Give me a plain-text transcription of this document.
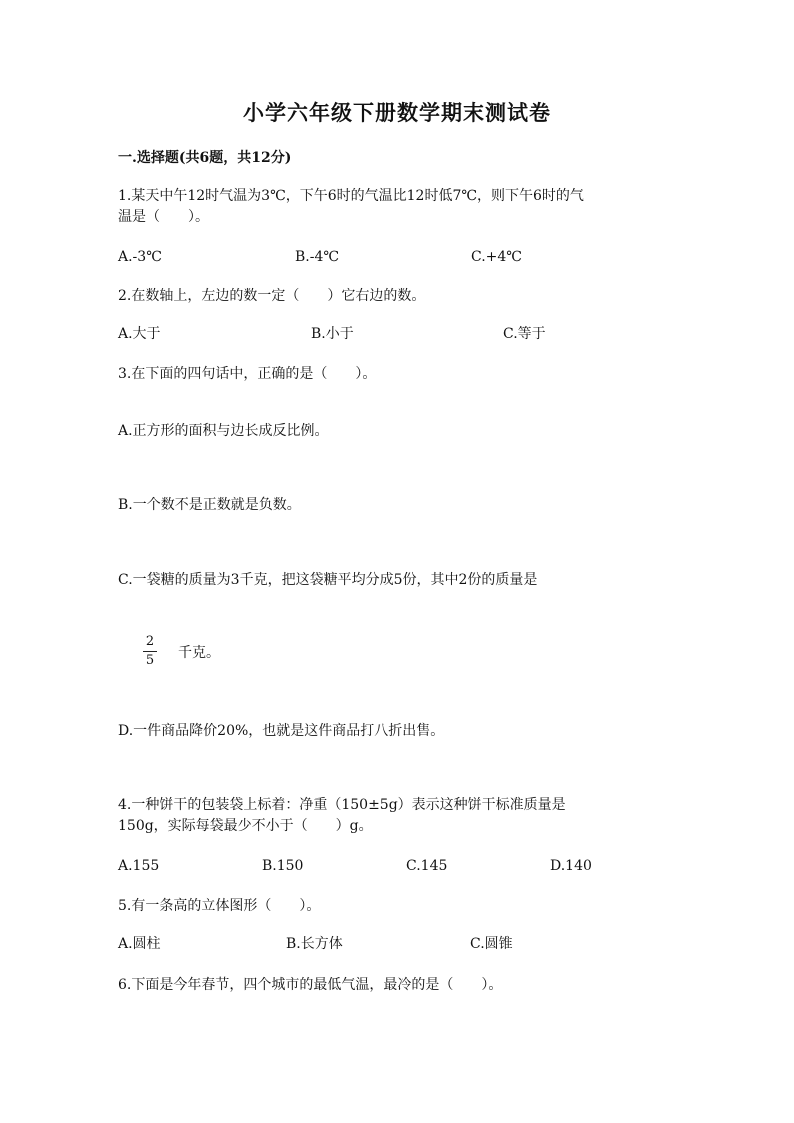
小学六年级下册数学期末测试卷
一.选择题(共6题，共12分)
1.某天中午12时气温为3℃，下午6时的气温比12时低7℃，则下午6时的气
温是（　　）。
A.-3℃	B.-4℃	C.+4℃
2.在数轴上，左边的数一定（　　）它右边的数。
A.大于	B.小于	C.等于
3.在下面的四句话中，正确的是（　　）。
A.正方形的面积与边长成反比例。
B.一个数不是正数就是负数。
C.一袋糖的质量为3千克，把这袋糖平均分成5份，其中2份的质量是
2
5 千克。
D.一件商品降价20%，也就是这件商品打八折出售。
4.一种饼干的包装袋上标着：净重（150±5g）表示这种饼干标准质量是
150g，实际每袋最少不小于（　　）g。
A.155	B.150	C.145	D.140
5.有一条高的立体图形（　　）。
A.圆柱	B.长方体	C.圆锥
6.下面是今年春节，四个城市的最低气温，最冷的是（　　）。
